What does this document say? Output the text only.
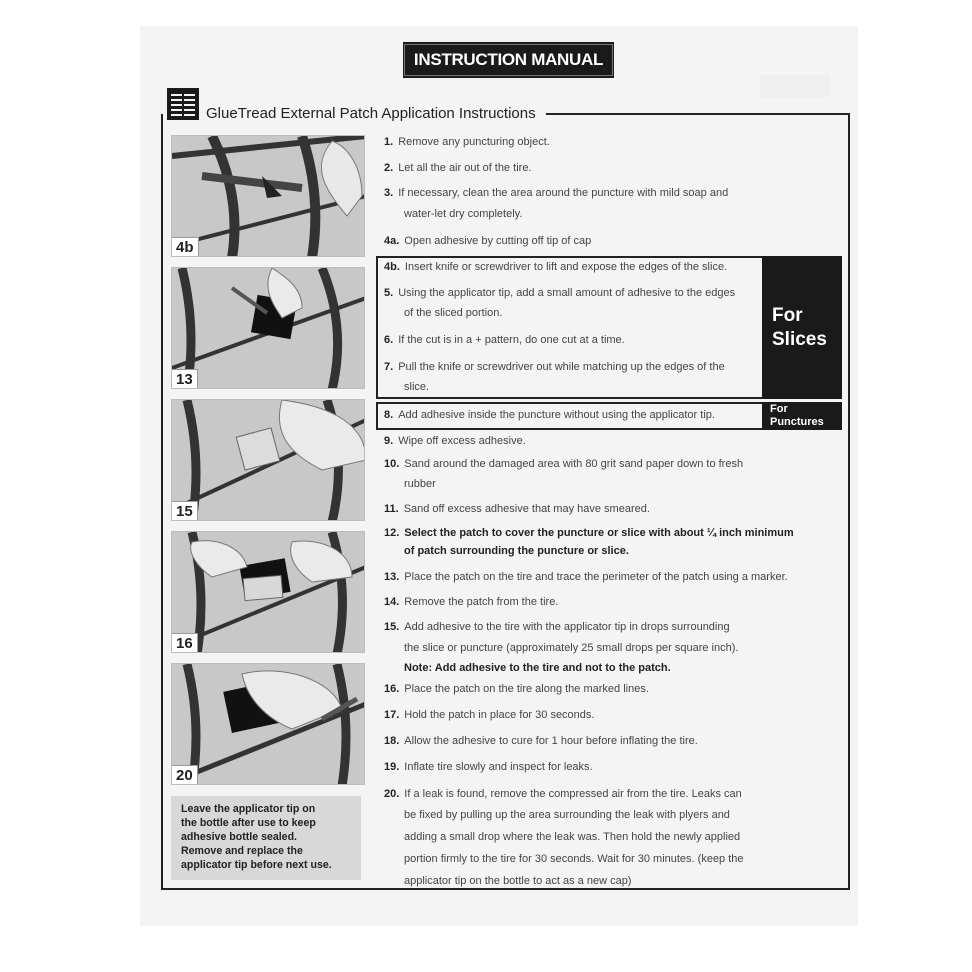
INSTRUCTION MANUAL
GlueTread External Patch Application Instructions
4b
13
15
16
20
Leave the applicator tip on
the bottle after use to keep
adhesive bottle sealed.
Remove and replace the
applicator tip before next use.
For
Slices
For
Punctures
1. Remove any puncturing object.
2. Let all the air out of the tire.
3. If necessary, clean the area around the puncture with mild soap and
water-let dry completely.
4a. Open adhesive by cutting off tip of cap
4b. Insert knife or screwdriver to lift and expose the edges of the slice.
5. Using the applicator tip, add a small amount of adhesive to the edges
of the sliced portion.
6. If the cut is in a + pattern, do one cut at a time.
7. Pull the knife or screwdriver out while matching up the edges of the
slice.
8. Add adhesive inside the puncture without using the applicator tip.
9. Wipe off excess adhesive.
10. Sand around the damaged area with 80 grit sand paper down to fresh
rubber
11. Sand off excess adhesive that may have smeared.
12. Select the patch to cover the puncture or slice with about ¼ inch minimum
of patch surrounding the puncture or slice.
13. Place the patch on the tire and trace the perimeter of the patch using a marker.
14. Remove the patch from the tire.
15. Add adhesive to the tire with the applicator tip in drops surrounding
the slice or puncture (approximately 25 small drops per square inch).
Note: Add adhesive to the tire and not to the patch.
16. Place the patch on the tire along the marked lines.
17. Hold the patch in place for 30 seconds.
18. Allow the adhesive to cure for 1 hour before inflating the tire.
19. Inflate tire slowly and inspect for leaks.
20. If a leak is found, remove the compressed air from the tire. Leaks can
be fixed by pulling up the area surrounding the leak with plyers and
adding a small drop where the leak was. Then hold the newly applied
portion firmly to the tire for 30 seconds. Wait for 30 minutes. (keep the
applicator tip on the bottle to act as a new cap)
